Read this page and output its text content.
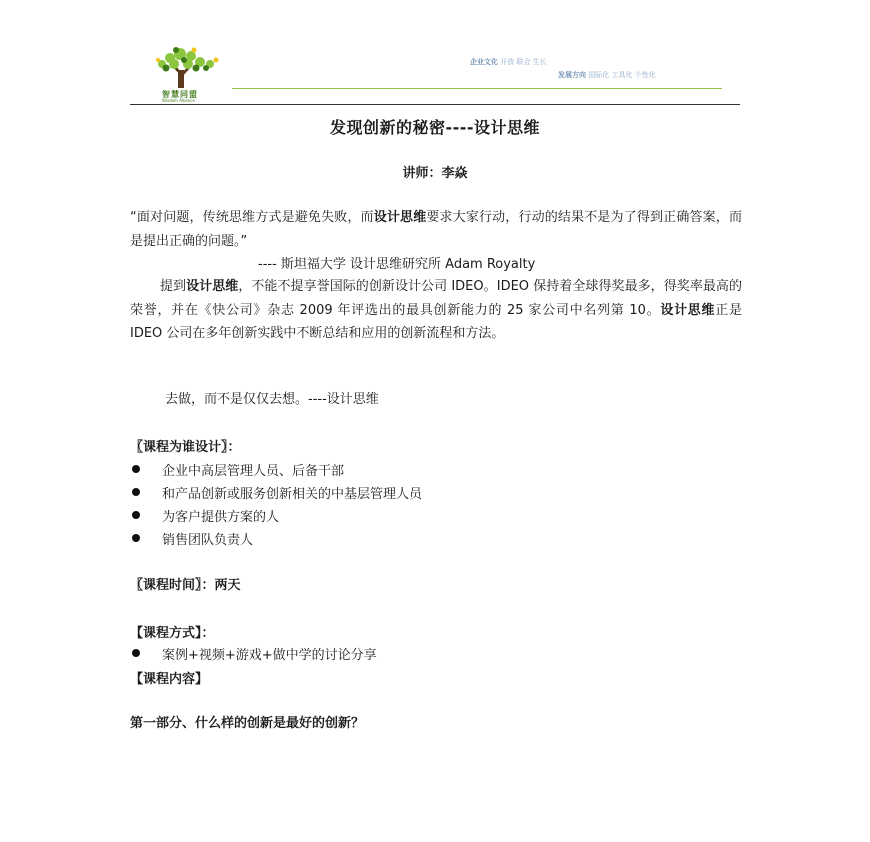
智慧同盟
Wisdom Alliance
企业文化 开放 联合 生长
发展方向 国际化 工具化 个性化
发现创新的秘密----设计思维
讲师：李焱
“面对问题，传统思维方式是避免失败，而设计思维要求大家行动，行动的结果不是为了得到正确答案，而是提出正确的问题。”
---- 斯坦福大学 设计思维研究所 Adam Royalty
提到设计思维，不能不提享誉国际的创新设计公司 IDEO。IDEO 保持着全球得奖最多，得奖率最高的荣誉，并在《快公司》杂志 2009 年评选出的最具创新能力的 25 家公司中名列第 10。设计思维正是 IDEO 公司在多年创新实践中不断总结和应用的创新流程和方法。
去做，而不是仅仅去想。----设计思维
〖课程为谁设计〗：
企业中高层管理人员、后备干部
和产品创新或服务创新相关的中基层管理人员
为客户提供方案的人
销售团队负责人
〖课程时间〗：两天
【课程方式】：
案例+视频+游戏+做中学的讨论分享
【课程内容】
第一部分、什么样的创新是最好的创新？
